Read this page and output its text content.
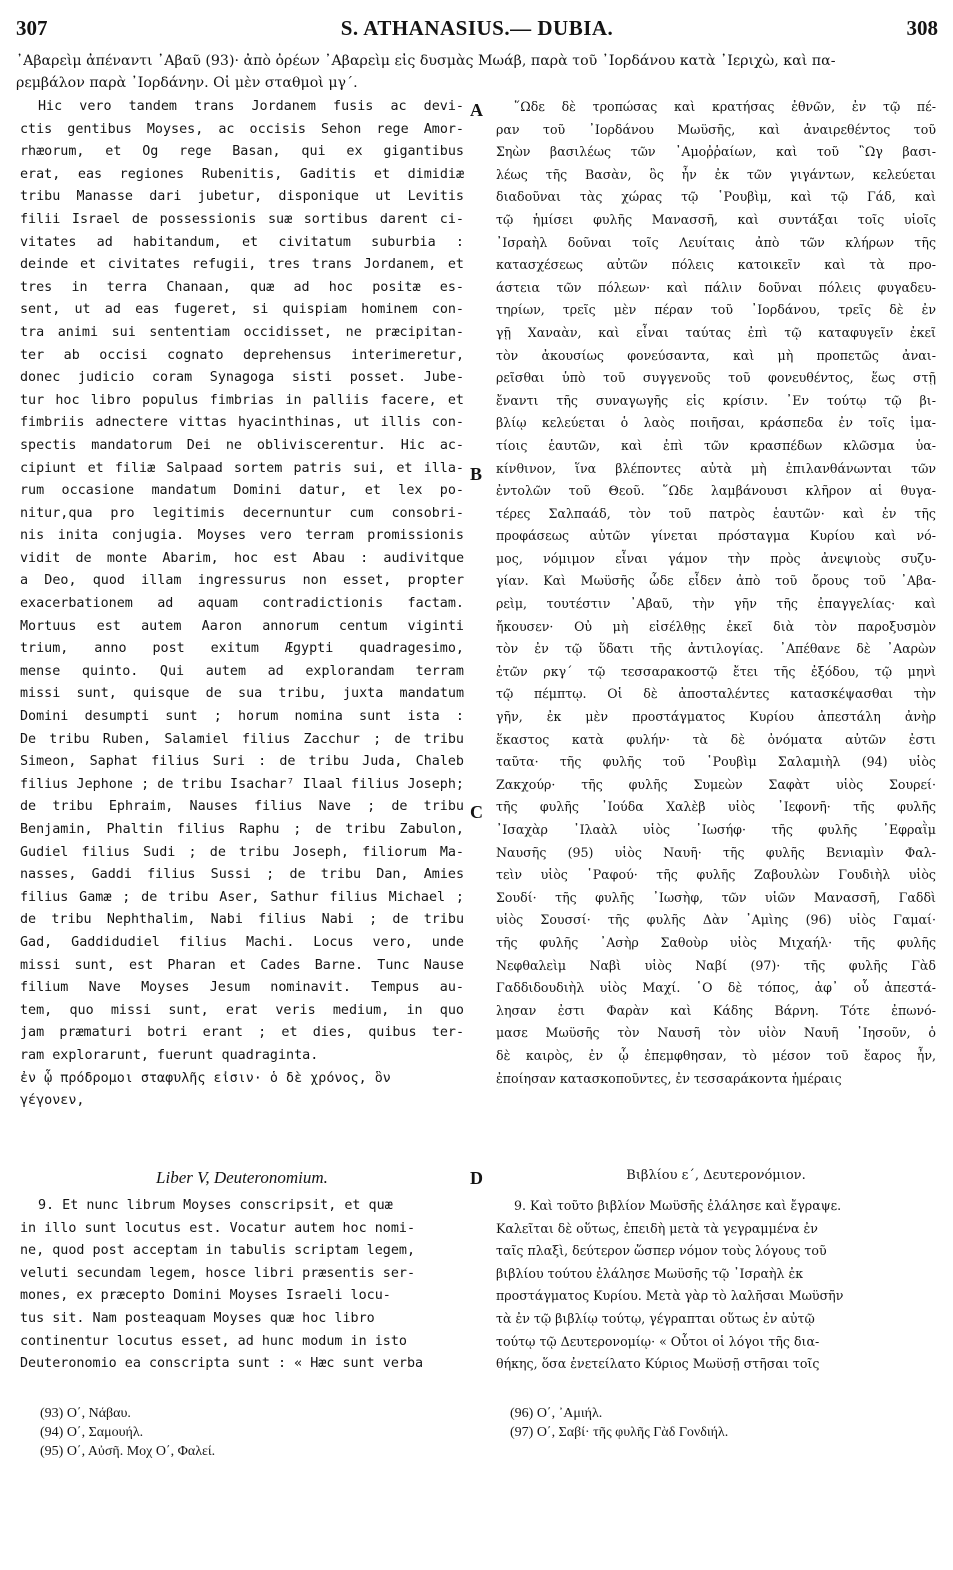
307	S. ATHANASIUS.— DUBIA.	308
᾿Αβαρεὶμ ἀπέναντι ᾿Αβαῦ (93)· ἀπὸ ὀρέων ᾿Αβαρεὶμ εἰς δυσμὰς Μωάβ, παρὰ τοῦ ᾿Ιορδάνου κατὰ ᾿Ιεριχὼ, καὶ πα-
ρεμβάλον παρὰ ᾿Ιορδάνην. Οἱ μὲν σταθμοὶ μγ΄.
Hic vero tandem trans Jordanem fusis ac devi-
ctis gentibus Moyses, ac occisis Sehon rege Amor-
rhæorum, et Og rege Basan, qui ex gigantibus
erat, eas regiones Rubenitis, Gaditis et dimidiæ
tribu Manasse dari jubetur, disponique ut Levitis
filii Israel de possessionis suæ sortibus darent ci-
vitates ad habitandum, et civitatum suburbia :
deinde et civitates refugii, tres trans Jordanem, et
tres in terra Chanaan, quæ ad hoc positæ es-
sent, ut ad eas fugeret, si quispiam hominem con-
tra animi sui sententiam occidisset, ne præcipitan-
ter ab occisi cognato deprehensus interimeretur,
donec judicio coram Synagoga sisti posset. Jube-
tur hoc libro populus fimbrias in palliis facere, et
fimbriis adnectere vittas hyacinthinas, ut illis con-
spectis mandatorum Dei ne obliviscerentur. Hic ac-
cipiunt et filiæ Salpaad sortem patris sui, et illa-
rum occasione mandatum Domini datur, et lex po-
nitur,qua pro legitimis decernuntur cum consobri-
nis inita conjugia. Moyses vero terram promissionis
vidit de monte Abarim, hoc est Abau : audivitque
a Deo, quod illam ingressurus non esset, propter
exacerbationem ad aquam contradictionis factam.
Mortuus est autem Aaron annorum centum viginti
trium, anno post exitum Ægypti quadragesimo,
mense quinto. Qui autem ad explorandam terram
missi sunt, quisque de sua tribu, juxta mandatum
Domini desumpti sunt ; horum nomina sunt ista :
De tribu Ruben, Salamiel filius Zacchur ; de tribu
Simeon, Saphat filius Suri : de tribu Juda, Chaleb
filius Jephone ; de tribu Isachar⁷ Ilaal filius Joseph;
de tribu Ephraim, Nauses filius Nave ; de tribu
Benjamin, Phaltin filius Raphu ; de tribu Zabulon,
Gudiel filius Sudi ; de tribu Joseph, filiorum Ma-
nasses, Gaddi filius Sussi ; de tribu Dan, Amies
filius Gamæ ; de tribu Aser, Sathur filius Michael ;
de tribu Nephthalim, Nabi filius Nabi ; de tribu
Gad, Gaddidudiel filius Machi. Locus vero, unde
missi sunt, est Pharan et Cades Barne. Tunc Nause
filium Nave Moyses Jesum nominavit. Tempus au-
tem, quo missi sunt, erat veris medium, in quo
jam præmaturi botri erant ; et dies, quibus ter-
ram explorarunt, fuerunt quadraginta.
ἐν ᾧ πρόδρομοι σταφυλῆς εἰσιν· ὁ δὲ χρόνος, ὃν
γέγονεν,
῞Ωδε δὲ τροπώσας καὶ κρατήσας ἐθνῶν, ἐν τῷ πέ-
ραν τοῦ ᾿Ιορδάνου Μωϋσῆς, καὶ ἀναιρεθέντος τοῦ
Σηὼν βασιλέως τῶν ᾿Αμοῤῥαίων, καὶ τοῦ ῍Ωγ βασι-
λέως τῆς Βασὰν, ὃς ἦν ἐκ τῶν γιγάντων, κελεύεται
διαδοῦναι τὰς χώρας τῷ ῾Ρουβὶμ, καὶ τῷ Γάδ, καὶ
τῷ ἡμίσει φυλῆς Μανασσῆ, καὶ συντάξαι τοῖς υἱοῖς
᾿Ισραὴλ δοῦναι τοῖς Λευίταις ἀπὸ τῶν κλήρων τῆς
κατασχέσεως αὐτῶν πόλεις κατοικεῖν καὶ τὰ προ-
άστεια τῶν πόλεων· καὶ πάλιν δοῦναι πόλεις φυγαδευ-
τηρίων, τρεῖς μὲν πέραν τοῦ ᾿Ιορδάνου, τρεῖς δὲ ἐν
γῇ Χαναὰν, καὶ εἶναι ταύτας ἐπὶ τῷ καταφυγεῖν ἐκεῖ
τὸν ἀκουσίως φονεύσαντα, καὶ μὴ προπετῶς ἀναι-
ρεῖσθαι ὑπὸ τοῦ συγγενοῦς τοῦ φονευθέντος, ἕως στῇ
ἔναντι τῆς συναγωγῆς εἰς κρίσιν. ᾿Εν τούτῳ τῷ βι-
βλίῳ κελεύεται ὁ λαὸς ποιῆσαι, κράσπεδα ἐν τοῖς ἱμα-
τίοις ἑαυτῶν, καὶ ἐπὶ τῶν κρασπέδων κλῶσμα ὑα-
κίνθινον, ἵνα βλέποντες αὐτὰ μὴ ἐπιλανθάνωνται τῶν
ἐντολῶν τοῦ Θεοῦ. ῞Ωδε λαμβάνουσι κλῆρον αἱ θυγα-
τέρες Σαλπαάδ, τὸν τοῦ πατρὸς ἑαυτῶν· καὶ ἐν τῆς
προφάσεως αὐτῶν γίνεται πρόσταγμα Κυρίου καὶ νό-
μος, νόμιμον εἶναι γάμον τὴν πρὸς ἀνεψιοὺς συζυ-
γίαν. Καὶ Μωϋσῆς ὧδε εἶδεν ἀπὸ τοῦ ὄρους τοῦ ᾿Αβα-
ρεὶμ, τουτέστιν ᾿Αβαῦ, τὴν γῆν τῆς ἐπαγγελίας· καὶ
ἤκουσεν· Οὐ μὴ εἰσέλθῃς ἐκεῖ διὰ τὸν παροξυσμὸν
τὸν ἐν τῷ ὕδατι τῆς ἀντιλογίας. ᾿Απέθανε δὲ ᾿Ααρὼν
ἐτῶν ρκγ΄ τῷ τεσσαρακοστῷ ἔτει τῆς ἐξόδου, τῷ μηνὶ
τῷ πέμπτῳ. Οἱ δὲ ἀποσταλέντες κατασκέψασθαι τὴν
γῆν, ἐκ μὲν προστάγματος Κυρίου ἀπεστάλη ἀνὴρ
ἕκαστος κατὰ φυλήν· τὰ δὲ ὀνόματα αὐτῶν ἐστι
ταῦτα· τῆς φυλῆς τοῦ ῾Ρουβὶμ Σαλαμιὴλ (94) υἱὸς
Ζακχούρ· τῆς φυλῆς Συμεὼν Σαφὰτ υἱὸς Σουρεί·
τῆς φυλῆς ᾿Ιούδα Χαλὲβ υἱὸς ᾿Ιεφονῆ· τῆς φυλῆς
᾿Ισαχὰρ ᾿Ιλαὰλ υἱὸς ᾿Ιωσήφ· τῆς φυλῆς ᾿Εφραῒμ
Ναυσῆς (95) υἱὸς Ναυῆ· τῆς φυλῆς Βενιαμὶν Φαλ-
τεὶν υἱὸς ῾Ραφού· τῆς φυλῆς Ζαβουλὼν Γουδιὴλ υἱὸς
Σουδί· τῆς φυλῆς ᾿Ιωσὴφ, τῶν υἱῶν Μανασσῆ, Γαδδὶ
υἱὸς Σουσσί· τῆς φυλῆς Δὰν ᾿Αμὶης (96) υἱὸς Γαμαί·
τῆς φυλῆς ᾿Ασὴρ Σαθοὺρ υἱὸς Μιχαήλ· τῆς φυλῆς
Νεφθαλεὶμ Ναβὶ υἱὸς Ναβί (97)· τῆς φυλῆς Γὰδ
Γαδδιδουδιὴλ υἱὸς Μαχί. ῾Ο δὲ τόπος, ἀφ᾿ οὗ ἀπεστά-
λησαν ἐστι Φαρὰν καὶ Κάδης Βάρνη. Τότε ἐπωνό-
μασε Μωϋσῆς τὸν Ναυσῆ τὸν υἱὸν Ναυῆ ᾿Ιησοῦν, ὁ
δὲ καιρὸς, ἐν ᾧ ἐπεμφθησαν, τὸ μέσον τοῦ ἔαρος ἦν,
ἐποίησαν κατασκοποῦντες, ἐν τεσσαράκοντα ἡμέραις
A
B
C
D
Liber V, Deuteronomium.	Βιβλίου ε΄, Δευτερονόμιον.
9. Et nunc librum Moyses conscripsit, et quæ
in illo sunt locutus est. Vocatur autem hoc nomi-
ne, quod post acceptam in tabulis scriptam legem,
veluti secundam legem, hosce libri præsentis ser-
mones, ex præcepto Domini Moyses Israeli locu-
tus sit. Nam posteaquam Moyses quæ hoc libro
continentur locutus esset, ad hunc modum in isto
Deuteronomio ea conscripta sunt : « Hæc sunt verba
9. Καὶ τοῦτο βιβλίον Μωϋσῆς ἐλάλησε καὶ ἔγραψε.
Καλεῖται δὲ οὕτως, ἐπειδὴ μετὰ τὰ γεγραμμένα ἐν
ταῖς πλαξὶ, δεύτερον ὥσπερ νόμον τοὺς λόγους τοῦ
βιβλίου τούτου ἐλάλησε Μωϋσῆς τῷ ᾿Ισραὴλ ἐκ
προστάγματος Κυρίου. Μετὰ γὰρ τὸ λαλῆσαι Μωϋσῆν
τὰ ἐν τῷ βιβλίῳ τούτῳ, γέγραπται οὕτως ἐν αὐτῷ
τούτῳ τῷ Δευτερονομίῳ· « Οὗτοι οἱ λόγοι τῆς δια-
θήκης, ὅσα ἐνετείλατο Κύριος Μωϋσῇ στῆσαι τοῖς
(93) Ο΄, Νάβαυ.
(94) Ο΄, Σαμουήλ.
(95) Ο΄, Αὐσῆ. Μοχ Ο΄, Φαλεί.
(96) Ο΄, ᾿Αμιήλ.
(97) Ο΄, Σαβί· τῆς φυλῆς Γὰδ Γονδιήλ.
